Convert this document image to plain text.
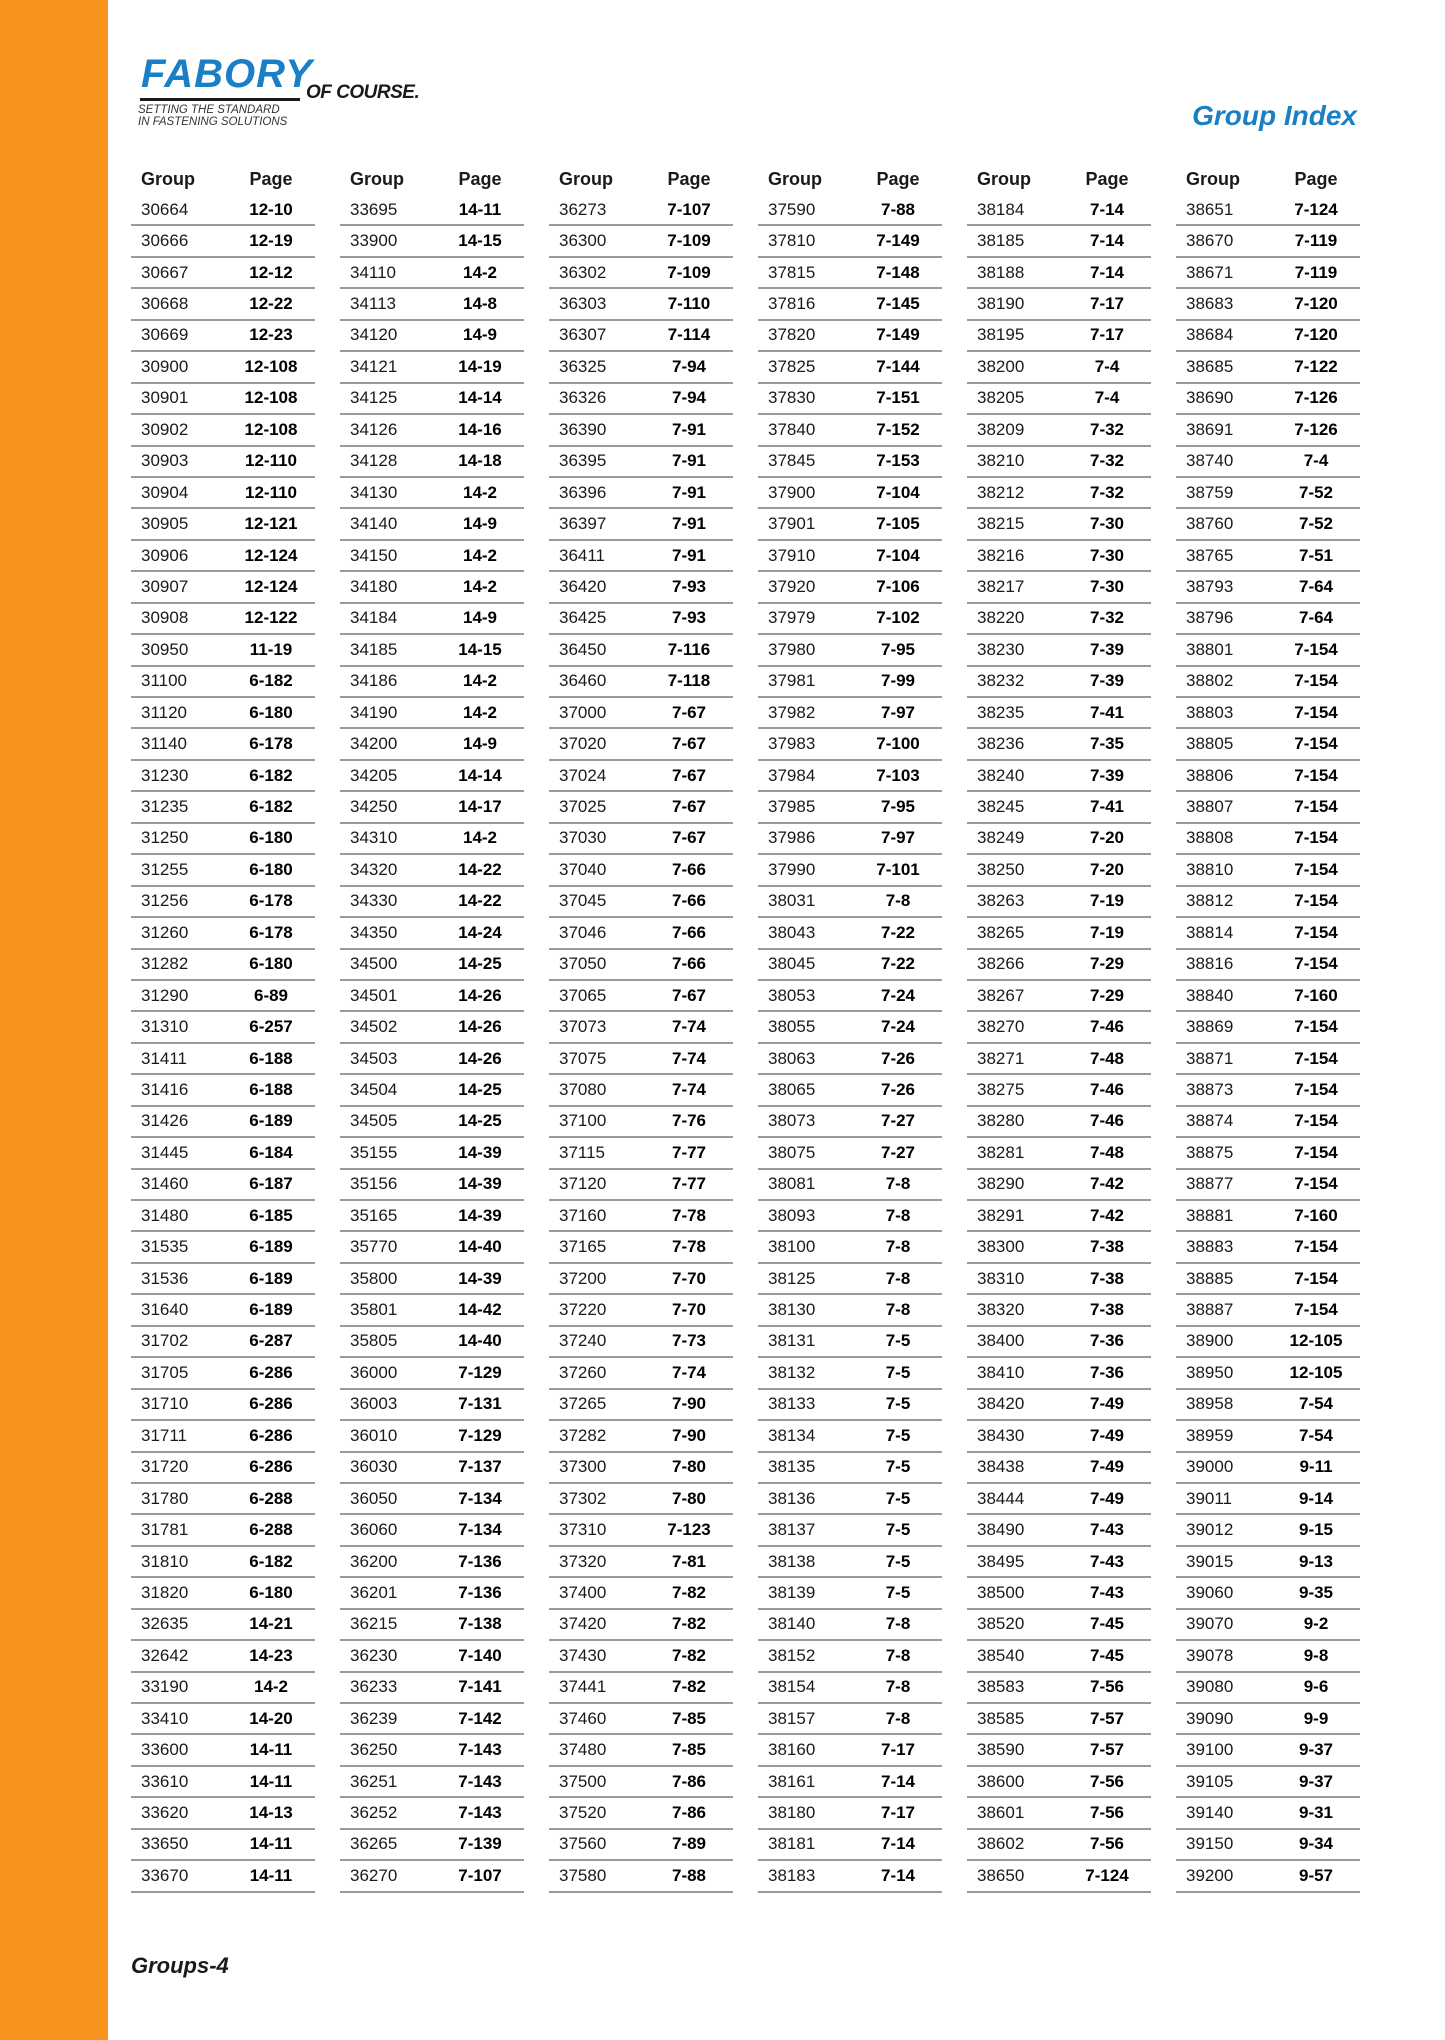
FABORY
OF COURSE.
SETTING THE STANDARD
IN FASTENING SOLUTIONS	Group Index
Group	Page
30664	12-10
30666	12-19
30667	12-12
30668	12-22
30669	12-23
30900	12-108
30901	12-108
30902	12-108
30903	12-110
30904	12-110
30905	12-121
30906	12-124
30907	12-124
30908	12-122
30950	11-19
31100	6-182
31120	6-180
31140	6-178
31230	6-182
31235	6-182
31250	6-180
31255	6-180
31256	6-178
31260	6-178
31282	6-180
31290	6-89
31310	6-257
31411	6-188
31416	6-188
31426	6-189
31445	6-184
31460	6-187
31480	6-185
31535	6-189
31536	6-189
31640	6-189
31702	6-287
31705	6-286
31710	6-286
31711	6-286
31720	6-286
31780	6-288
31781	6-288
31810	6-182
31820	6-180
32635	14-21
32642	14-23
33190	14-2
33410	14-20
33600	14-11
33610	14-11
33620	14-13
33650	14-11
33670	14-11
Group	Page
33695	14-11
33900	14-15
34110	14-2
34113	14-8
34120	14-9
34121	14-19
34125	14-14
34126	14-16
34128	14-18
34130	14-2
34140	14-9
34150	14-2
34180	14-2
34184	14-9
34185	14-15
34186	14-2
34190	14-2
34200	14-9
34205	14-14
34250	14-17
34310	14-2
34320	14-22
34330	14-22
34350	14-24
34500	14-25
34501	14-26
34502	14-26
34503	14-26
34504	14-25
34505	14-25
35155	14-39
35156	14-39
35165	14-39
35770	14-40
35800	14-39
35801	14-42
35805	14-40
36000	7-129
36003	7-131
36010	7-129
36030	7-137
36050	7-134
36060	7-134
36200	7-136
36201	7-136
36215	7-138
36230	7-140
36233	7-141
36239	7-142
36250	7-143
36251	7-143
36252	7-143
36265	7-139
36270	7-107
Group	Page
36273	7-107
36300	7-109
36302	7-109
36303	7-110
36307	7-114
36325	7-94
36326	7-94
36390	7-91
36395	7-91
36396	7-91
36397	7-91
36411	7-91
36420	7-93
36425	7-93
36450	7-116
36460	7-118
37000	7-67
37020	7-67
37024	7-67
37025	7-67
37030	7-67
37040	7-66
37045	7-66
37046	7-66
37050	7-66
37065	7-67
37073	7-74
37075	7-74
37080	7-74
37100	7-76
37115	7-77
37120	7-77
37160	7-78
37165	7-78
37200	7-70
37220	7-70
37240	7-73
37260	7-74
37265	7-90
37282	7-90
37300	7-80
37302	7-80
37310	7-123
37320	7-81
37400	7-82
37420	7-82
37430	7-82
37441	7-82
37460	7-85
37480	7-85
37500	7-86
37520	7-86
37560	7-89
37580	7-88
Group	Page
37590	7-88
37810	7-149
37815	7-148
37816	7-145
37820	7-149
37825	7-144
37830	7-151
37840	7-152
37845	7-153
37900	7-104
37901	7-105
37910	7-104
37920	7-106
37979	7-102
37980	7-95
37981	7-99
37982	7-97
37983	7-100
37984	7-103
37985	7-95
37986	7-97
37990	7-101
38031	7-8
38043	7-22
38045	7-22
38053	7-24
38055	7-24
38063	7-26
38065	7-26
38073	7-27
38075	7-27
38081	7-8
38093	7-8
38100	7-8
38125	7-8
38130	7-8
38131	7-5
38132	7-5
38133	7-5
38134	7-5
38135	7-5
38136	7-5
38137	7-5
38138	7-5
38139	7-5
38140	7-8
38152	7-8
38154	7-8
38157	7-8
38160	7-17
38161	7-14
38180	7-17
38181	7-14
38183	7-14
Group	Page
38184	7-14
38185	7-14
38188	7-14
38190	7-17
38195	7-17
38200	7-4
38205	7-4
38209	7-32
38210	7-32
38212	7-32
38215	7-30
38216	7-30
38217	7-30
38220	7-32
38230	7-39
38232	7-39
38235	7-41
38236	7-35
38240	7-39
38245	7-41
38249	7-20
38250	7-20
38263	7-19
38265	7-19
38266	7-29
38267	7-29
38270	7-46
38271	7-48
38275	7-46
38280	7-46
38281	7-48
38290	7-42
38291	7-42
38300	7-38
38310	7-38
38320	7-38
38400	7-36
38410	7-36
38420	7-49
38430	7-49
38438	7-49
38444	7-49
38490	7-43
38495	7-43
38500	7-43
38520	7-45
38540	7-45
38583	7-56
38585	7-57
38590	7-57
38600	7-56
38601	7-56
38602	7-56
38650	7-124
Group	Page
38651	7-124
38670	7-119
38671	7-119
38683	7-120
38684	7-120
38685	7-122
38690	7-126
38691	7-126
38740	7-4
38759	7-52
38760	7-52
38765	7-51
38793	7-64
38796	7-64
38801	7-154
38802	7-154
38803	7-154
38805	7-154
38806	7-154
38807	7-154
38808	7-154
38810	7-154
38812	7-154
38814	7-154
38816	7-154
38840	7-160
38869	7-154
38871	7-154
38873	7-154
38874	7-154
38875	7-154
38877	7-154
38881	7-160
38883	7-154
38885	7-154
38887	7-154
38900	12-105
38950	12-105
38958	7-54
38959	7-54
39000	9-11
39011	9-14
39012	9-15
39015	9-13
39060	9-35
39070	9-2
39078	9-8
39080	9-6
39090	9-9
39100	9-37
39105	9-37
39140	9-31
39150	9-34
39200	9-57
Groups-4
